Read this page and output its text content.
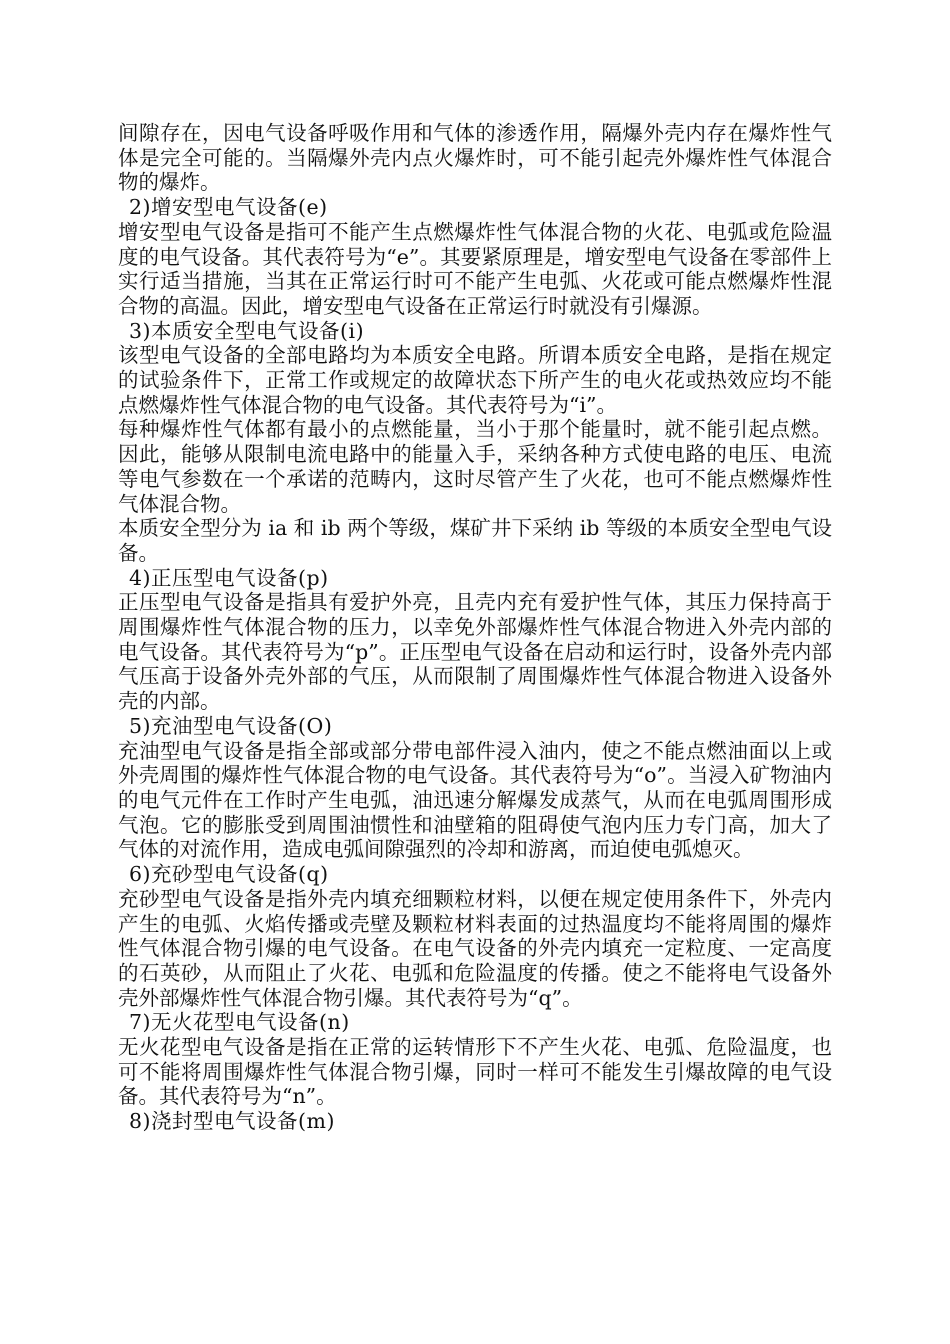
间隙存在，因电气设备呼吸作用和气体的渗透作用，隔爆外壳内存在爆炸性气体是完全可能的。当隔爆外壳内点火爆炸时，可不能引起壳外爆炸性气体混合物的爆炸。

2)增安型电气设备(e)

增安型电气设备是指可不能产生点燃爆炸性气体混合物的火花、电弧或危险温度的电气设备。其代表符号为“e”。其要紧原理是，增安型电气设备在零部件上实行适当措施，当其在正常运行时可不能产生电弧、火花或可能点燃爆炸性混合物的高温。因此，增安型电气设备在正常运行时就没有引爆源。

3)本质安全型电气设备(i)

该型电气设备的全部电路均为本质安全电路。所谓本质安全电路，是指在规定的试验条件下，正常工作或规定的故障状态下所产生的电火花或热效应均不能点燃爆炸性气体混合物的电气设备。其代表符号为“i”。

每种爆炸性气体都有最小的点燃能量，当小于那个能量时，就不能引起点燃。因此，能够从限制电流电路中的能量入手，采纳各种方式使电路的电压、电流等电气参数在一个承诺的范畴内，这时尽管产生了火花，也可不能点燃爆炸性气体混合物。

本质安全型分为 ia 和 ib 两个等级，煤矿井下采纳 ib 等级的本质安全型电气设备。

4)正压型电气设备(p)

正压型电气设备是指具有爱护外亮，且壳内充有爱护性气体，其压力保持高于周围爆炸性气体混合物的压力，以幸免外部爆炸性气体混合物进入外壳内部的电气设备。其代表符号为“p”。正压型电气设备在启动和运行时，设备外壳内部气压高于设备外壳外部的气压，从而限制了周围爆炸性气体混合物进入设备外壳的内部。

5)充油型电气设备(O)

充油型电气设备是指全部或部分带电部件浸入油内，使之不能点燃油面以上或外壳周围的爆炸性气体混合物的电气设备。其代表符号为“o”。当浸入矿物油内的电气元件在工作时产生电弧，油迅速分解爆发成蒸气，从而在电弧周围形成气泡。它的膨胀受到周围油惯性和油壁箱的阻碍使气泡内压力专门高，加大了气体的对流作用，造成电弧间隙强烈的冷却和游离，而迫使电弧熄灭。

6)充砂型电气设备(q)

充砂型电气设备是指外壳内填充细颗粒材料，以便在规定使用条件下，外壳内产生的电弧、火焰传播或壳壁及颗粒材料表面的过热温度均不能将周围的爆炸性气体混合物引爆的电气设备。在电气设备的外壳内填充一定粒度、一定高度的石英砂，从而阻止了火花、电弧和危险温度的传播。使之不能将电气设备外壳外部爆炸性气体混合物引爆。其代表符号为“q”。

7)无火花型电气设备(n)

无火花型电气设备是指在正常的运转情形下不产生火花、电弧、危险温度，也可不能将周围爆炸性气体混合物引爆，同时一样可不能发生引爆故障的电气设备。其代表符号为“n”。

8)浇封型电气设备(m)
